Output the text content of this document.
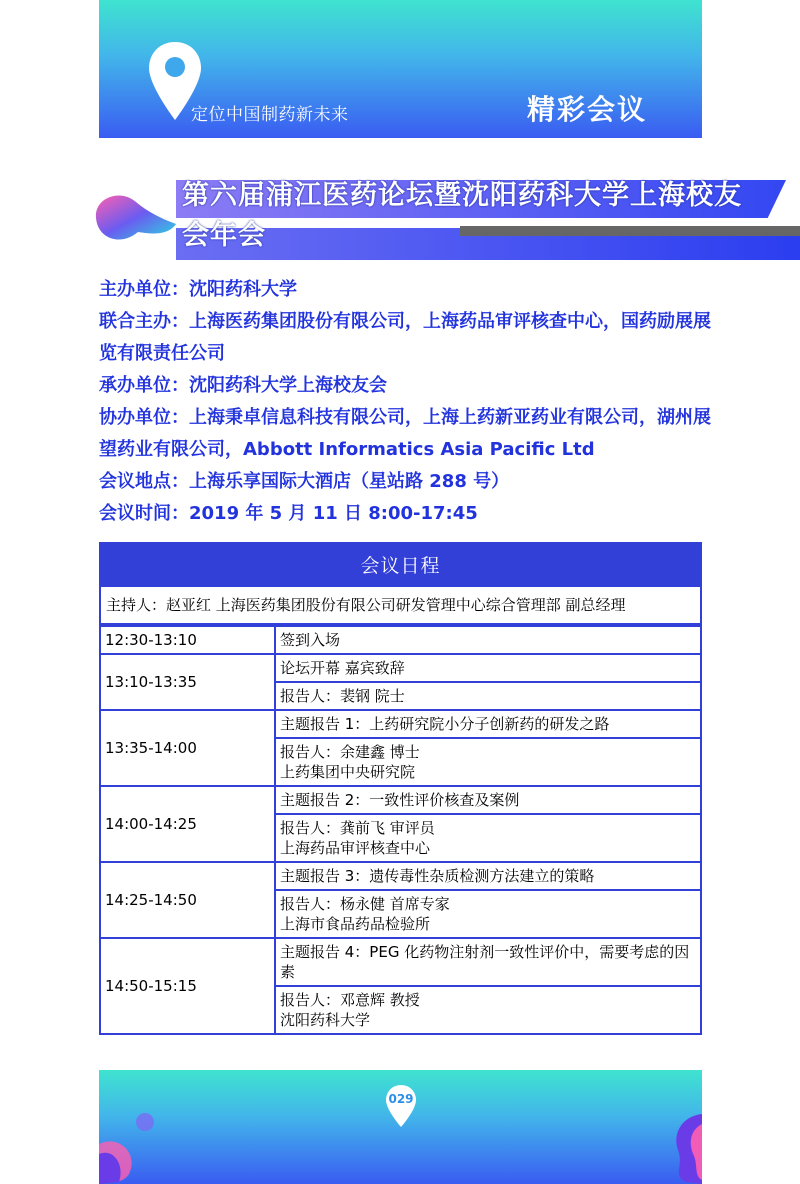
定位中国制药新未来	精彩会议
第六届浦江医药论坛暨沈阳药科大学上海校友会年会
主办单位：沈阳药科大学
联合主办：上海医药集团股份有限公司，上海药品审评核查中心，国药励展展览有限责任公司
承办单位：沈阳药科大学上海校友会
协办单位：上海秉卓信息科技有限公司，上海上药新亚药业有限公司，湖州展望药业有限公司，Abbott Informatics Asia Pacific Ltd
会议地点：上海乐享国际大酒店（星站路 288 号）
会议时间：2019 年 5 月 11 日 8:00-17:45
会议日程
主持人：赵亚红 上海医药集团股份有限公司研发管理中心综合管理部 副总经理
12:30-13:10	签到入场
13:10-13:35	论坛开幕 嘉宾致辞
	报告人：裴钢 院士
13:35-14:00	主题报告 1：上药研究院小分子创新药的研发之路
	报告人：余建鑫 博士
上药集团中央研究院
14:00-14:25	主题报告 2：一致性评价核查及案例
	报告人：龚前飞 审评员
上海药品审评核查中心
14:25-14:50	主题报告 3：遗传毒性杂质检测方法建立的策略
	报告人：杨永健 首席专家
上海市食品药品检验所
14:50-15:15	主题报告 4：PEG 化药物注射剂一致性评价中，需要考虑的因素
	报告人：邓意辉 教授
沈阳药科大学
029
